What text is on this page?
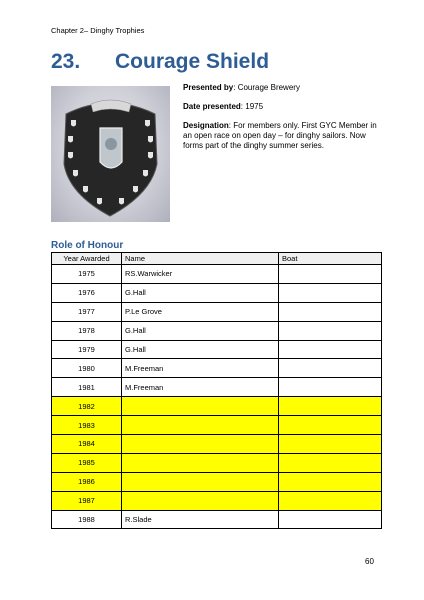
Chapter 2– Dinghy Trophies
23. Courage Shield

Presented by: Courage Brewery

Date presented: 1975

Designation: For members only. First GYC Member in an open race on open day – for dinghy sailors. Now forms part of the dinghy summer series.

Role of Honour
Year Awarded	Name	Boat
1975	RS.Warwicker	
1976	G.Hall	
1977	P.Le Grove	
1978	G.Hall	
1979	G.Hall	
1980	M.Freeman	
1981	M.Freeman	
1982		
1983		
1984		
1985		
1986		
1987		
1988	R.Slade	
60
